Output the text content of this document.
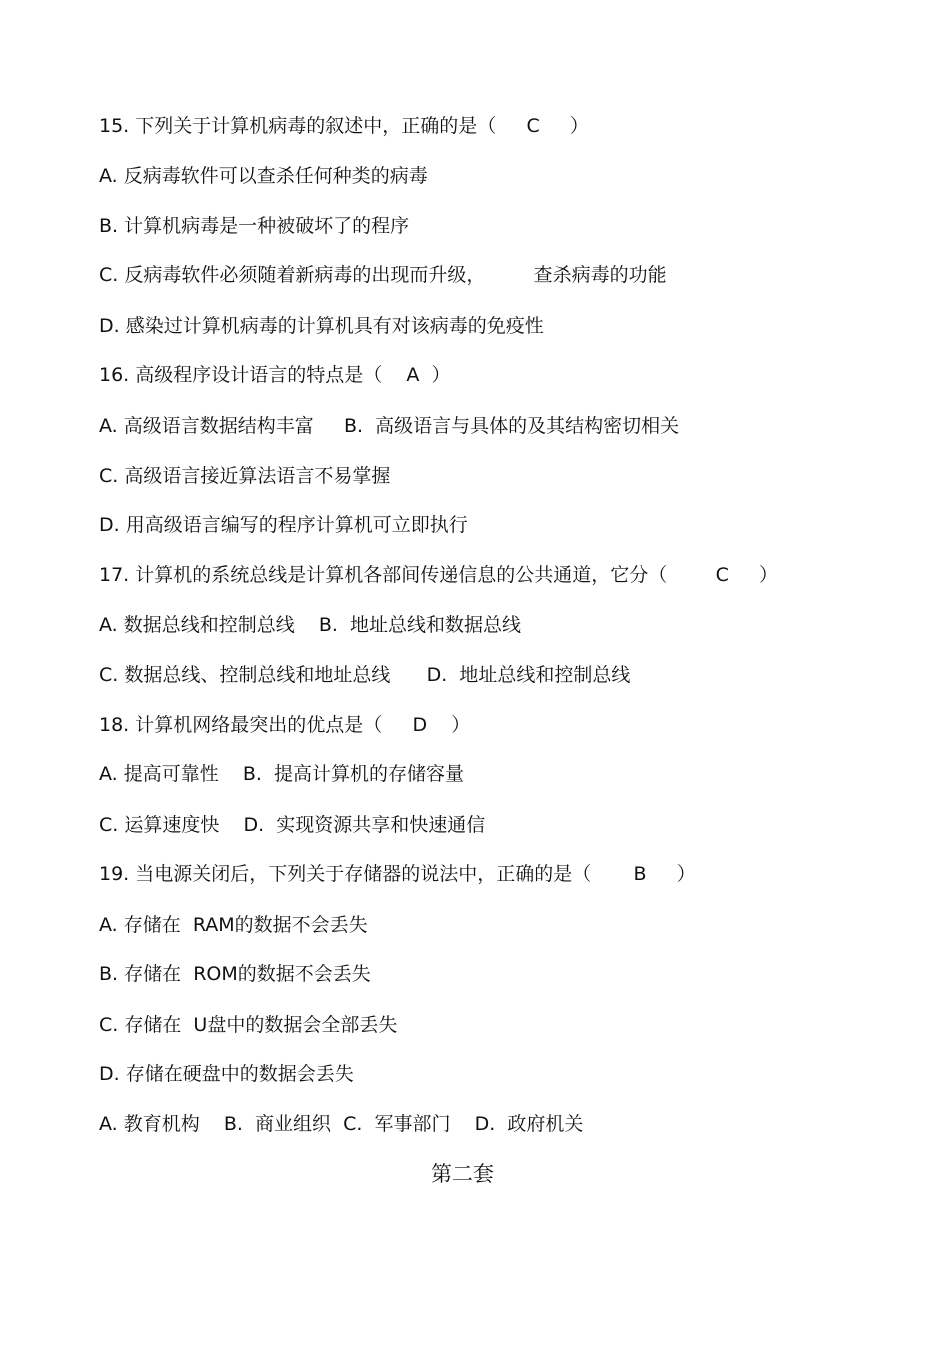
15. 下列关于计算机病毒的叙述中，正确的是（     C     ）
A. 反病毒软件可以查杀任何种类的病毒
B. 计算机病毒是一种被破坏了的程序
C. 反病毒软件必须随着新病毒的出现而升级，        查杀病毒的功能
D. 感染过计算机病毒的计算机具有对该病毒的免疫性
16. 高级程序设计语言的特点是（    A  ）
A. 高级语言数据结构丰富     B.  高级语言与具体的及其结构密切相关
C. 高级语言接近算法语言不易掌握
D. 用高级语言编写的程序计算机可立即执行
17. 计算机的系统总线是计算机各部间传递信息的公共通道，它分（        C     ）
A. 数据总线和控制总线    B.  地址总线和数据总线
C. 数据总线、控制总线和地址总线      D.  地址总线和控制总线
18. 计算机网络最突出的优点是（     D    ）
A. 提高可靠性    B.  提高计算机的存储容量
C. 运算速度快    D.  实现资源共享和快速通信
19. 当电源关闭后，下列关于存储器的说法中，正确的是（       B     ）
A. 存储在  RAM的数据不会丢失
B. 存储在  ROM的数据不会丢失
C. 存储在  U盘中的数据会全部丢失
D. 存储在硬盘中的数据会丢失
A. 教育机构    B.  商业组织  C.  军事部门    D.  政府机关
第二套
